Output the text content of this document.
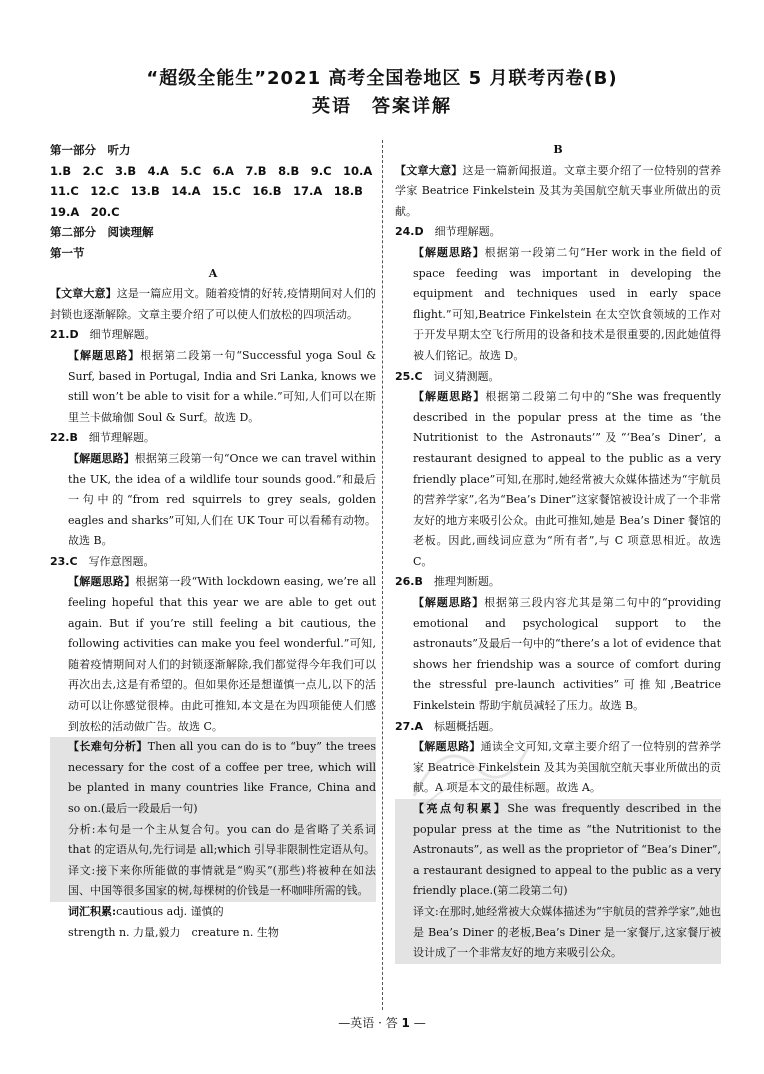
“超级全能生”2021 高考全国卷地区 5 月联考丙卷(B)
英语　答案详解

第一部分　听力

1.B　2.C　3.B　4.A　5.C　6.A　7.B　8.B　9.C　10.A

11.C　12.C　13.B　14.A　15.C　16.B　17.A　18.B

19.A　20.C

第二部分　阅读理解

第一节

A

【文章大意】这是一篇应用文。随着疫情的好转,疫情期间对人们的封锁也逐渐解除。文章主要介绍了可以使人们放松的四项活动。

21.D　 细节理解题。

【解题思路】根据第二段第一句“Successful yoga Soul & Surf, based in Portugal, India and Sri Lanka, knows we still won’t be able to visit for a while.”可知,人们可以在斯里兰卡做瑜伽 Soul & Surf。故选 D。

22.B　 细节理解题。

【解题思路】根据第三段第一句“Once we can travel within the UK, the idea of a wildlife tour sounds good.”和最后一句中的“from red squirrels to grey seals, golden eagles and sharks”可知,人们在 UK Tour 可以看稀有动物。故选 B。

23.C　 写作意图题。

【解题思路】根据第一段“With lockdown easing, we’re all feeling hopeful that this year we are able to get out again. But if you’re still feeling a bit cautious, the following activities can make you feel wonderful.”可知,随着疫情期间对人们的封锁逐渐解除,我们都觉得今年我们可以再次出去,这是有希望的。但如果你还是想谨慎一点儿,以下的活动可以让你感觉很棒。由此可推知,本文是在为四项能使人们感到放松的活动做广告。故选 C。

【长难句分析】Then all you can do is to “buy” the trees necessary for the cost of a coffee per tree, which will be planted in many countries like France, China and so on.(最后一段最后一句)

分析:本句是一个主从复合句。you can do 是省略了关系词 that 的定语从句,先行词是 all;which 引导非限制性定语从句。

译文:接下来你所能做的事情就是“购买”(那些)将被种在如法国、中国等很多国家的树,每棵树的价钱是一杯咖啡所需的钱。

词汇积累:cautious adj. 谨慎的

strength n. 力量,毅力　creature n. 生物

B

【文章大意】这是一篇新闻报道。文章主要介绍了一位特别的营养学家 Beatrice Finkelstein 及其为美国航空航天事业所做出的贡献。

24.D　 细节理解题。

【解题思路】根据第一段第二句“Her work in the field of space feeding was important in developing the equipment and techniques used in early space flight.”可知,Beatrice Finkelstein 在太空饮食领域的工作对于开发早期太空飞行所用的设备和技术是很重要的,因此她值得被人们铭记。故选 D。

25.C　 词义猜测题。

【解题思路】根据第二段第二句中的“She was frequently described in the popular press at the time as ‘the Nutritionist to the Astronauts’”及“‘Bea’s Diner’, a restaurant designed to appeal to the public as a very friendly place”可知,在那时,她经常被大众媒体描述为“宇航员的营养学家”,名为“Bea’s Diner”这家餐馆被设计成了一个非常友好的地方来吸引公众。由此可推知,她是 Bea’s Diner 餐馆的老板。因此,画线词应意为“所有者”,与 C 项意思相近。故选 C。

26.B　 推理判断题。

【解题思路】根据第三段内容尤其是第二句中的“providing emotional and psychological support to the astronauts”及最后一句中的“there’s a lot of evidence that shows her friendship was a source of comfort during the stressful pre-launch activities”可推知,Beatrice Finkelstein 帮助宇航员减轻了压力。故选 B。

27.A　 标题概括题。

【解题思路】通读全文可知,文章主要介绍了一位特别的营养学家 Beatrice Finkelstein 及其为美国航空航天事业所做出的贡献。A 项是本文的最佳标题。故选 A。

【亮点句积累】She was frequently described in the popular press at the time as “the Nutritionist to the Astronauts”, as well as the proprietor of “Bea’s Diner”, a restaurant designed to appeal to the public as a very friendly place.(第二段第二句)

译文:在那时,她经常被大众媒体描述为“宇航员的营养学家”,她也是 Bea’s Diner 的老板,Bea’s Diner 是一家餐厅,这家餐厅被设计成了一个非常友好的地方来吸引公众。

—英语 · 答 1 —
